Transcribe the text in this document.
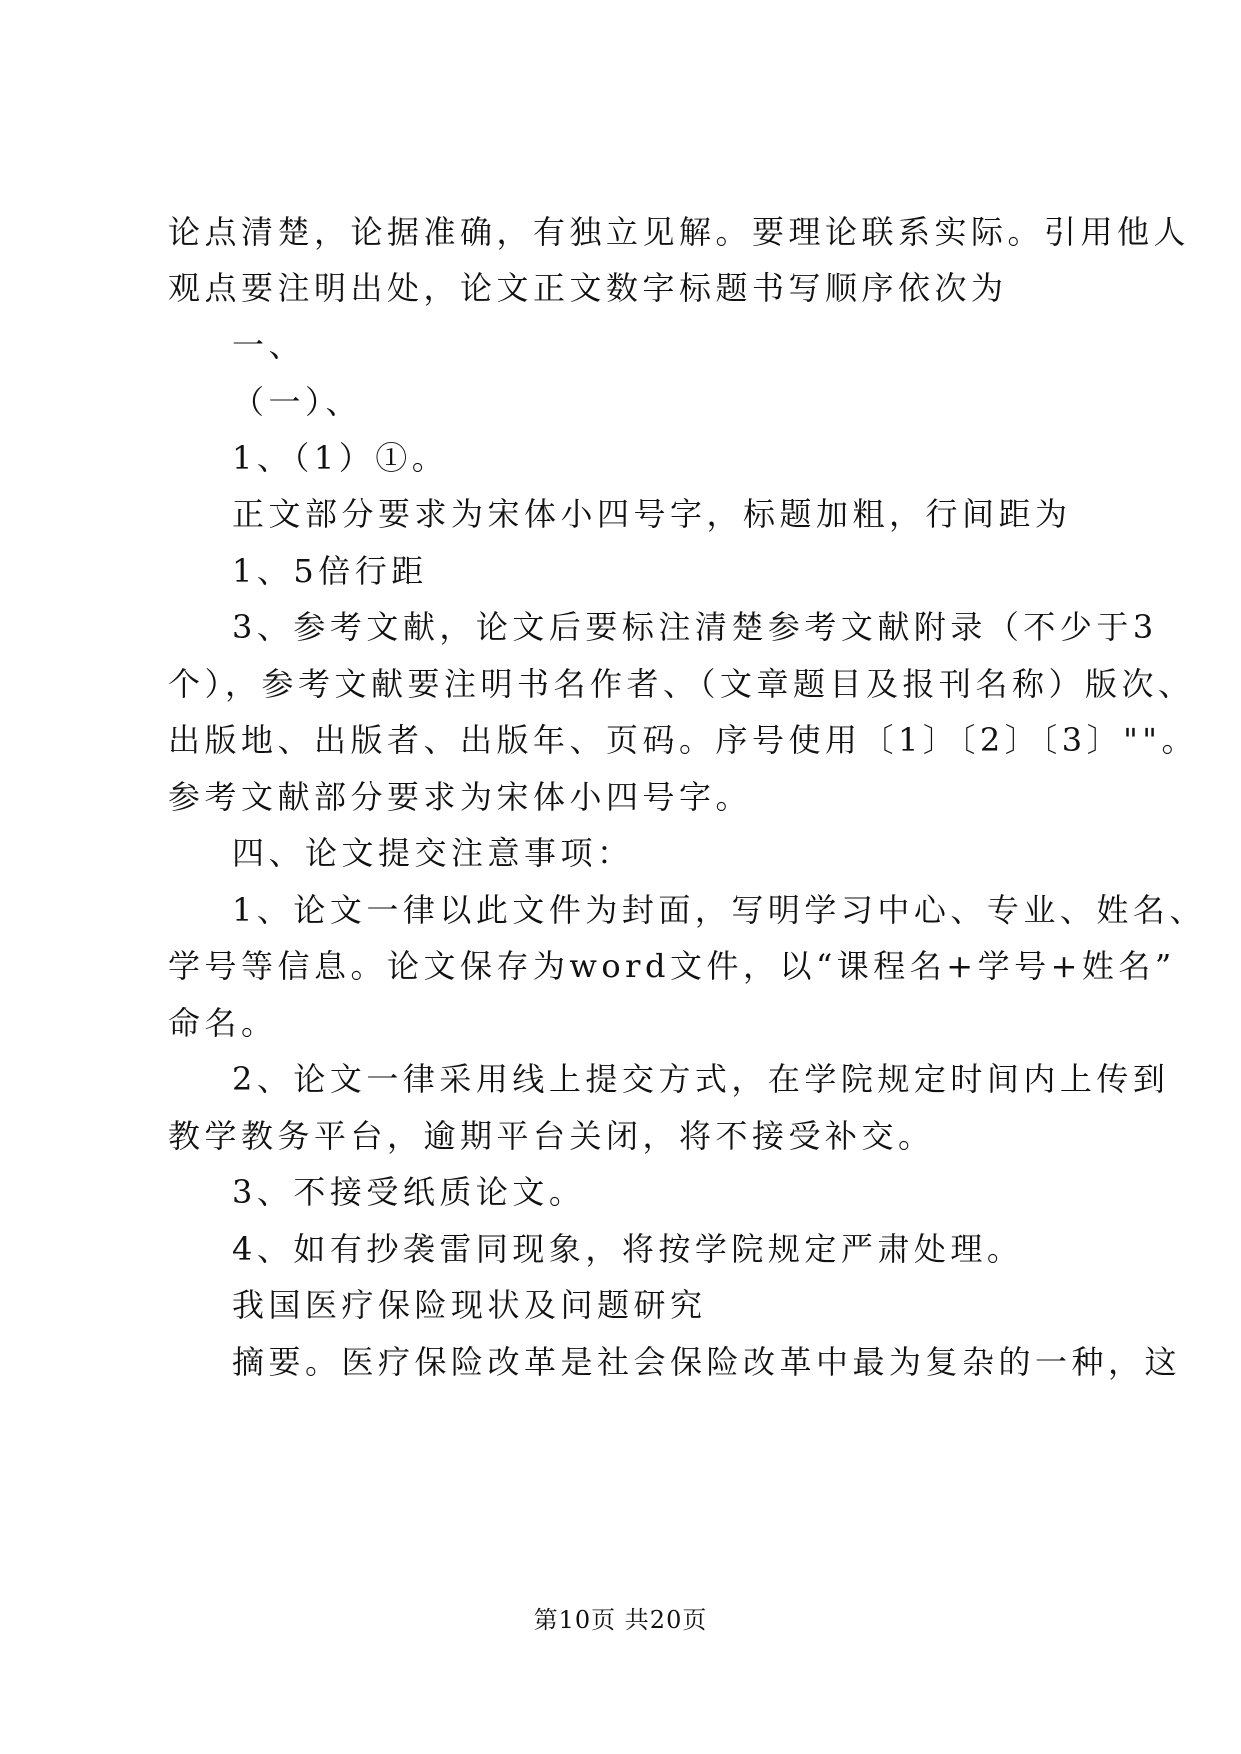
论点清楚，论据准确，有独立见解。要理论联系实际。引用他人
观点要注明出处，论文正文数字标题书写顺序依次为
一、
（一）、
1、（1）①。
正文部分要求为宋体小四号字，标题加粗，行间距为
1、5倍行距
3、参考文献，论文后要标注清楚参考文献附录（不少于3
个），参考文献要注明书名作者、（文章题目及报刊名称）版次、
出版地、出版者、出版年、页码。序号使用〔1〕〔2〕〔3〕""。
参考文献部分要求为宋体小四号字。
四、论文提交注意事项：
1、论文一律以此文件为封面，写明学习中心、专业、姓名、
学号等信息。论文保存为word文件，以“课程名+学号+姓名”
命名。
2、论文一律采用线上提交方式，在学院规定时间内上传到
教学教务平台，逾期平台关闭，将不接受补交。
3、不接受纸质论文。
4、如有抄袭雷同现象，将按学院规定严肃处理。
我国医疗保险现状及问题研究
摘要。医疗保险改革是社会保险改革中最为复杂的一种，这
第10页 共20页
